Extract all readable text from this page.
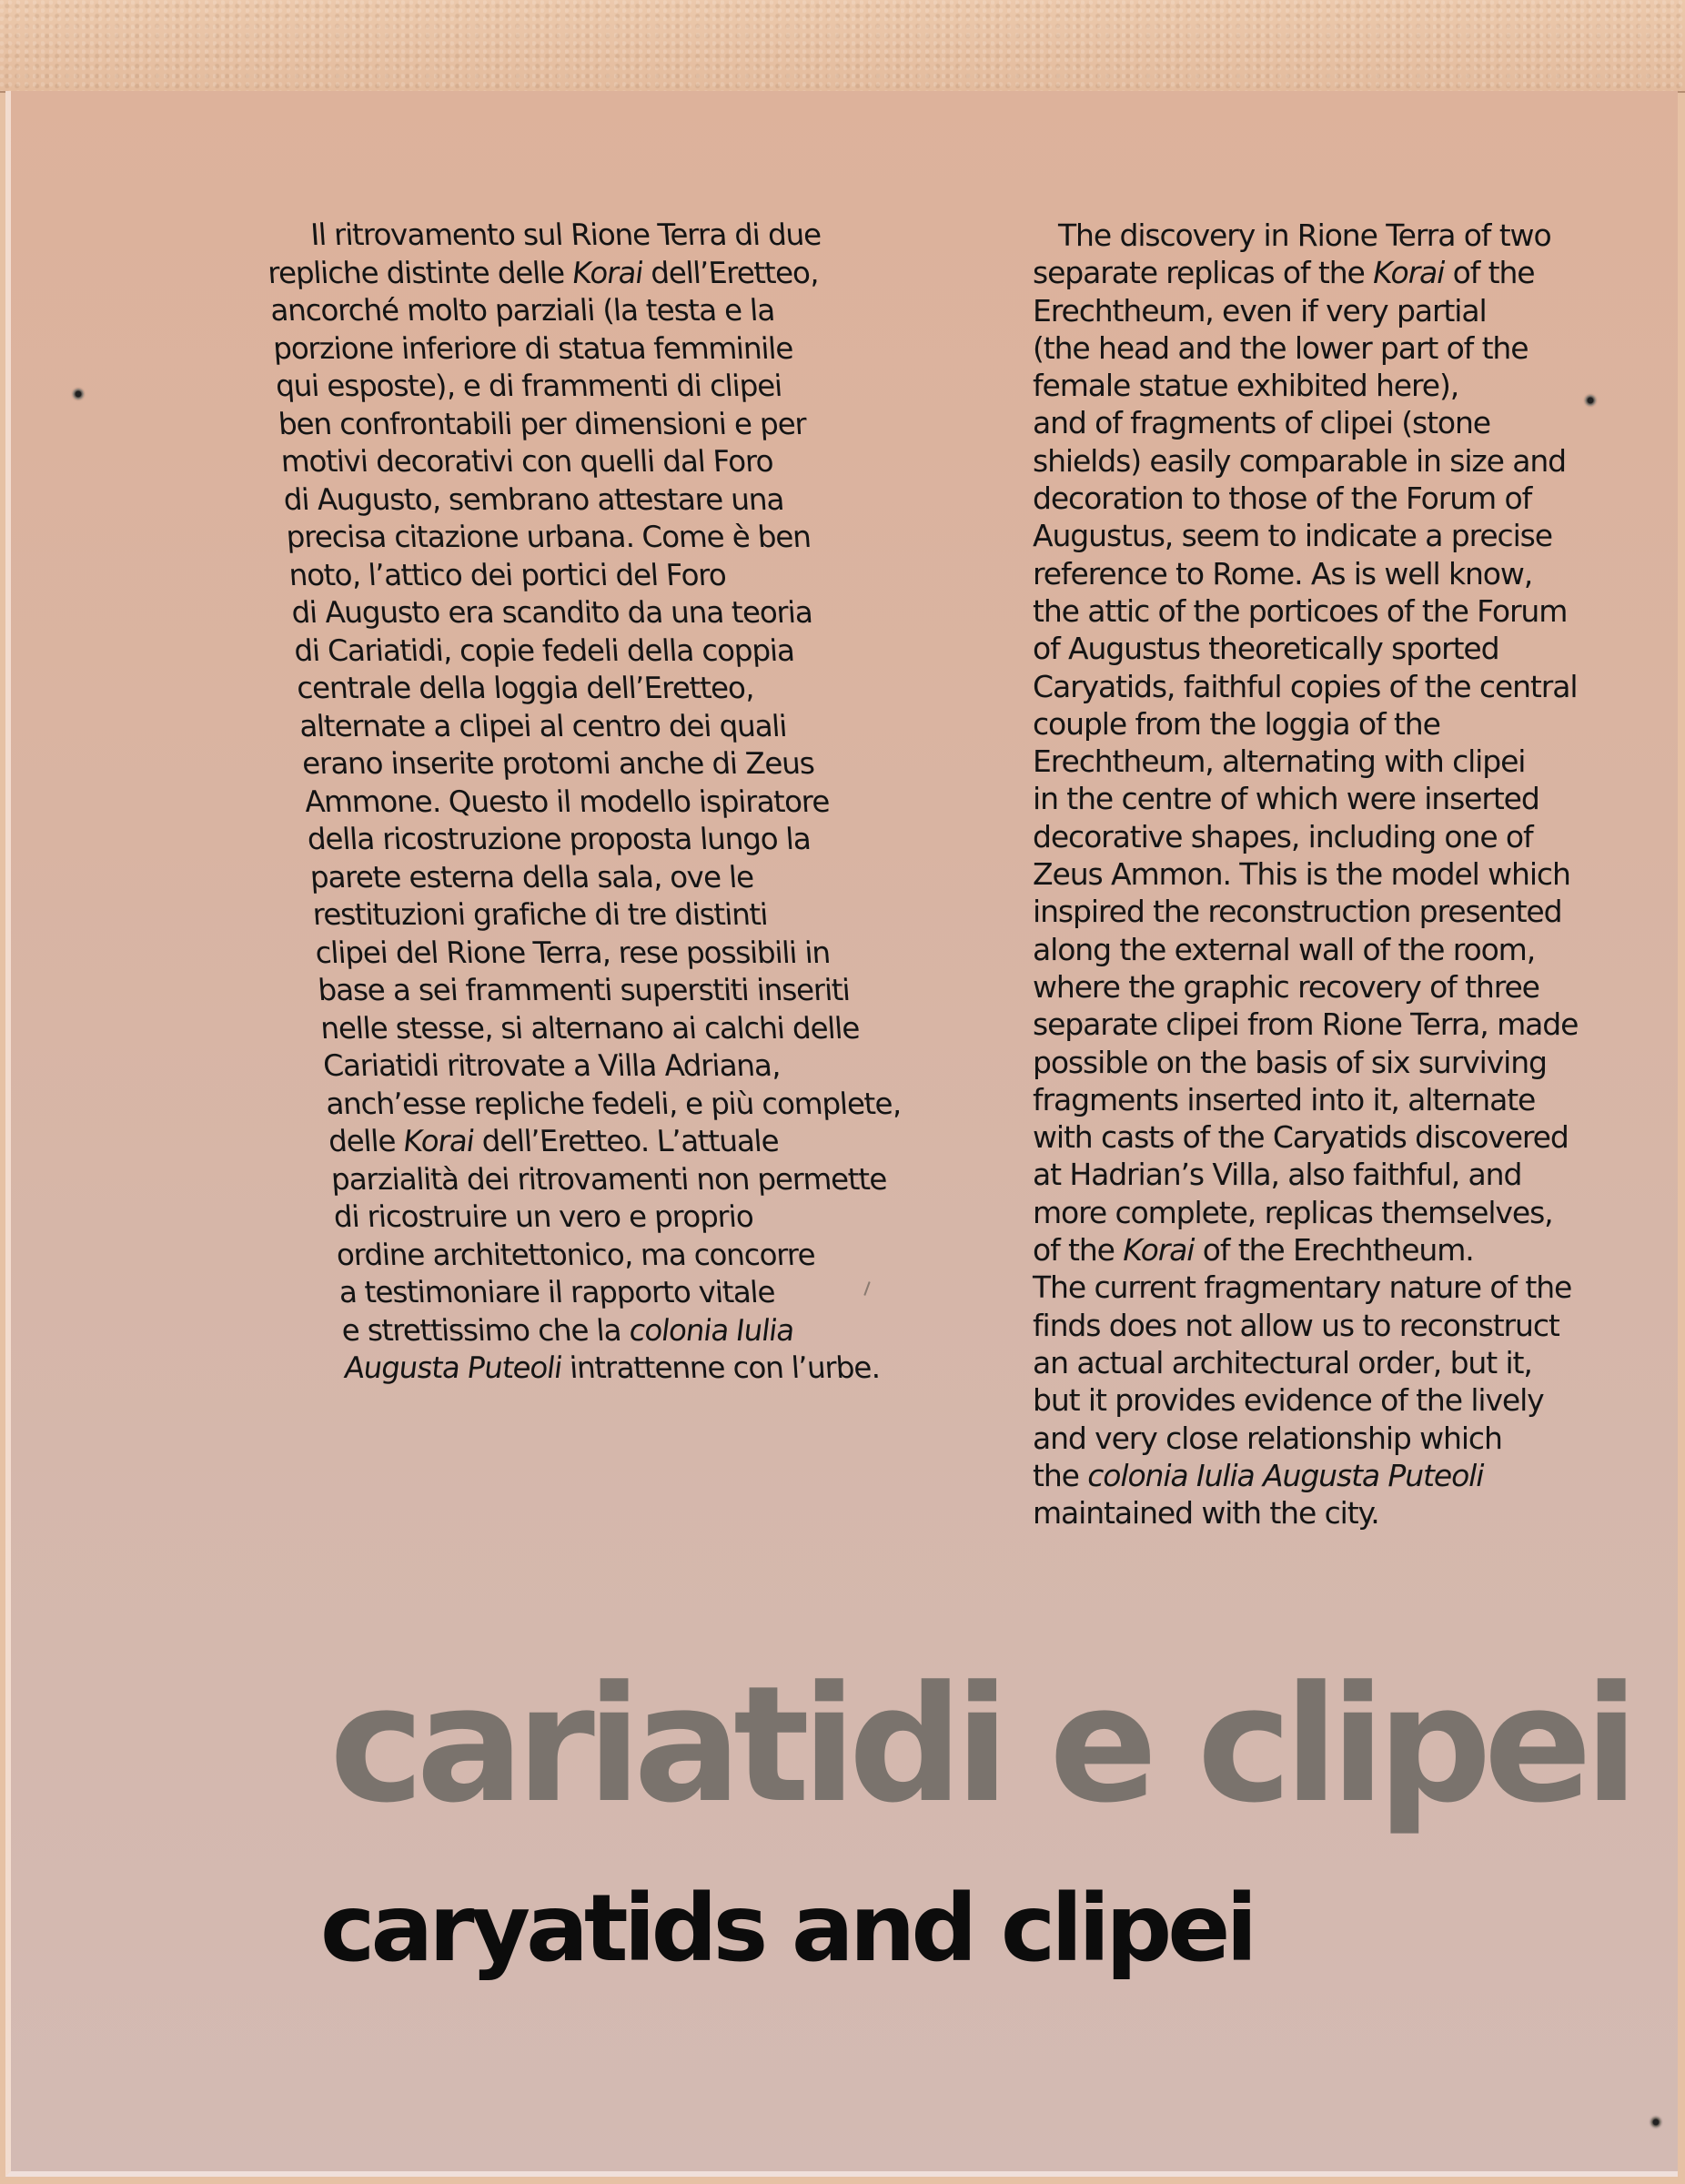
Il ritrovamento sul Rione Terra di due
repliche distinte delle Korai dell’Eretteo,
ancorché molto parziali (la testa e la
porzione inferiore di statua femminile
qui esposte), e di frammenti di clipei
ben confrontabili per dimensioni e per
motivi decorativi con quelli dal Foro
di Augusto, sembrano attestare una
precisa citazione urbana. Come è ben
noto, l’attico dei portici del Foro
di Augusto era scandito da una teoria
di Cariatidi, copie fedeli della coppia
centrale della loggia dell’Eretteo,
alternate a clipei al centro dei quali
erano inserite protomi anche di Zeus
Ammone. Questo il modello ispiratore
della ricostruzione proposta lungo la
parete esterna della sala, ove le
restituzioni grafiche di tre distinti
clipei del Rione Terra, rese possibili in
base a sei frammenti superstiti inseriti
nelle stesse, si alternano ai calchi delle
Cariatidi ritrovate a Villa Adriana,
anch’esse repliche fedeli, e più complete,
delle Korai dell’Eretteo. L’attuale
parzialità dei ritrovamenti non permette
di ricostruire un vero e proprio
ordine architettonico, ma concorre
a testimoniare il rapporto vitale
e strettissimo che la colonia Iulia
Augusta Puteoli intrattenne con l’urbe.
The discovery in Rione Terra of two
separate replicas of the Korai of the
Erechtheum, even if very partial
(the head and the lower part of the
female statue exhibited here),
and of fragments of clipei (stone
shields) easily comparable in size and
decoration to those of the Forum of
Augustus, seem to indicate a precise
reference to Rome. As is well know,
the attic of the porticoes of the Forum
of Augustus theoretically sported
Caryatids, faithful copies of the central
couple from the loggia of the
Erechtheum, alternating with clipei
in the centre of which were inserted
decorative shapes, including one of
Zeus Ammon. This is the model which
inspired the reconstruction presented
along the external wall of the room,
where the graphic recovery of three
separate clipei from Rione Terra, made
possible on the basis of six surviving
fragments inserted into it, alternate
with casts of the Caryatids discovered
at Hadrian’s Villa, also faithful, and
more complete, replicas themselves,
of the Korai of the Erechtheum.
The current fragmentary nature of the
finds does not allow us to reconstruct
an actual architectural order, but it,
but it provides evidence of the lively
and very close relationship which
the colonia Iulia Augusta Puteoli
maintained with the city.
cariatidi e clipei
caryatids and clipei
